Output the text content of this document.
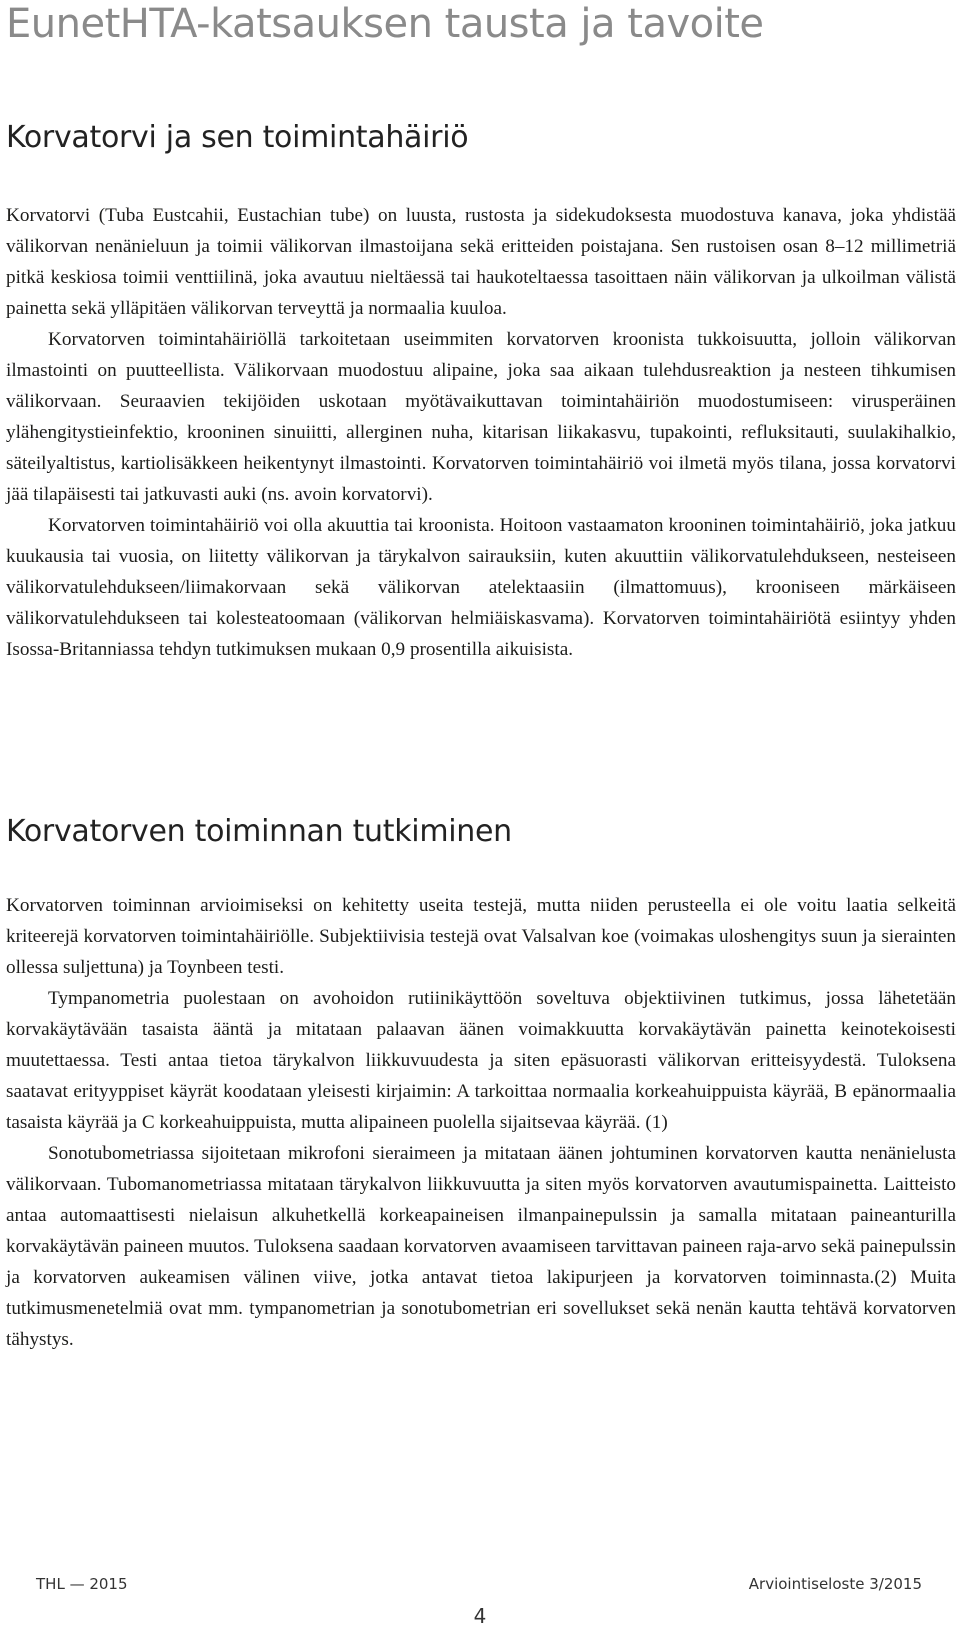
EunetHTA-katsauksen tausta ja tavoite
Korvatorvi ja sen toimintahäiriö

Korvatorvi (Tuba Eustcahii, Eustachian tube) on luusta, rustosta ja sidekudoksesta muodostuva kanava, joka yhdistää välikorvan nenänieluun ja toimii välikorvan ilmastoijana sekä eritteiden poistajana. Sen rustoisen osan 8–12 millimetriä pitkä keskiosa toimii venttiilinä, joka avautuu nieltäessä tai haukoteltaessa tasoittaen näin välikorvan ja ulkoilman välistä painetta sekä ylläpitäen välikorvan terveyttä ja normaalia kuuloa.

Korvatorven toimintahäiriöllä tarkoitetaan useimmiten korvatorven kroonista tukkoisuutta, jolloin välikorvan ilmastointi on puutteellista. Välikorvaan muodostuu alipaine, joka saa aikaan tulehdusreaktion ja nesteen tihkumisen välikorvaan. Seuraavien tekijöiden uskotaan myötävaikuttavan toimintahäiriön muodostumiseen: virusperäinen ylähengitystieinfektio, krooninen sinuiitti, allerginen nuha, kitarisan liikakasvu, tupakointi, refluksitauti, suulakihalkio, säteilyaltistus, kartiolisäkkeen heikentynyt ilmastointi. Korvatorven toimintahäiriö voi ilmetä myös tilana, jossa korvatorvi jää tilapäisesti tai jatkuvasti auki (ns. avoin korvatorvi).

Korvatorven toimintahäiriö voi olla akuuttia tai kroonista. Hoitoon vastaamaton krooninen toimintahäiriö, joka jatkuu kuukausia tai vuosia, on liitetty välikorvan ja tärykalvon sairauksiin, kuten akuuttiin välikorvatulehdukseen, nesteiseen välikorvatulehdukseen/liimakorvaan sekä välikorvan atelektaasiin (ilmattomuus), krooniseen märkäiseen välikorvatulehdukseen tai kolesteatoomaan (välikorvan helmiäiskasvama). Korvatorven toimintahäiriötä esiintyy yhden Isossa-Britanniassa tehdyn tutkimuksen mukaan 0,9 prosentilla aikuisista.

Korvatorven toiminnan tutkiminen

Korvatorven toiminnan arvioimiseksi on kehitetty useita testejä, mutta niiden perusteella ei ole voitu laatia selkeitä kriteerejä korvatorven toimintahäiriölle. Subjektiivisia testejä ovat Valsalvan koe (voimakas uloshengitys suun ja sierainten ollessa suljettuna) ja Toynbeen testi.

Tympanometria puolestaan on avohoidon rutiinikäyttöön soveltuva objektiivinen tutkimus, jossa lähetetään korvakäytävään tasaista ääntä ja mitataan palaavan äänen voimakkuutta korvakäytävän painetta keinotekoisesti muutettaessa. Testi antaa tietoa tärykalvon liikkuvuudesta ja siten epäsuorasti välikorvan eritteisyydestä. Tuloksena saatavat erityyppiset käyrät koodataan yleisesti kirjaimin: A tarkoittaa normaalia korkeahuippuista käyrää, B epänormaalia tasaista käyrää ja C korkeahuippuista, mutta alipaineen puolella sijaitsevaa käyrää. (1)

Sonotubometriassa sijoitetaan mikrofoni sieraimeen ja mitataan äänen johtuminen korvatorven kautta nenänielusta välikorvaan. Tubomanometriassa mitataan tärykalvon liikkuvuutta ja siten myös korvatorven avautumispainetta. Laitteisto antaa automaattisesti nielaisun alkuhetkellä korkeapaineisen ilmanpainepulssin ja samalla mitataan paineanturilla korvakäytävän paineen muutos. Tuloksena saadaan korvatorven avaamiseen tarvittavan paineen raja-arvo sekä painepulssin ja korvatorven aukeamisen välinen viive, jotka antavat tietoa lakipurjeen ja korvatorven toiminnasta.(2) Muita tutkimusmenetelmiä ovat mm. tympanometrian ja sonotubometrian eri sovellukset sekä nenän kautta tehtävä korvatorven tähystys.

THL — 2015	Arviointiseloste 3/2015
4
